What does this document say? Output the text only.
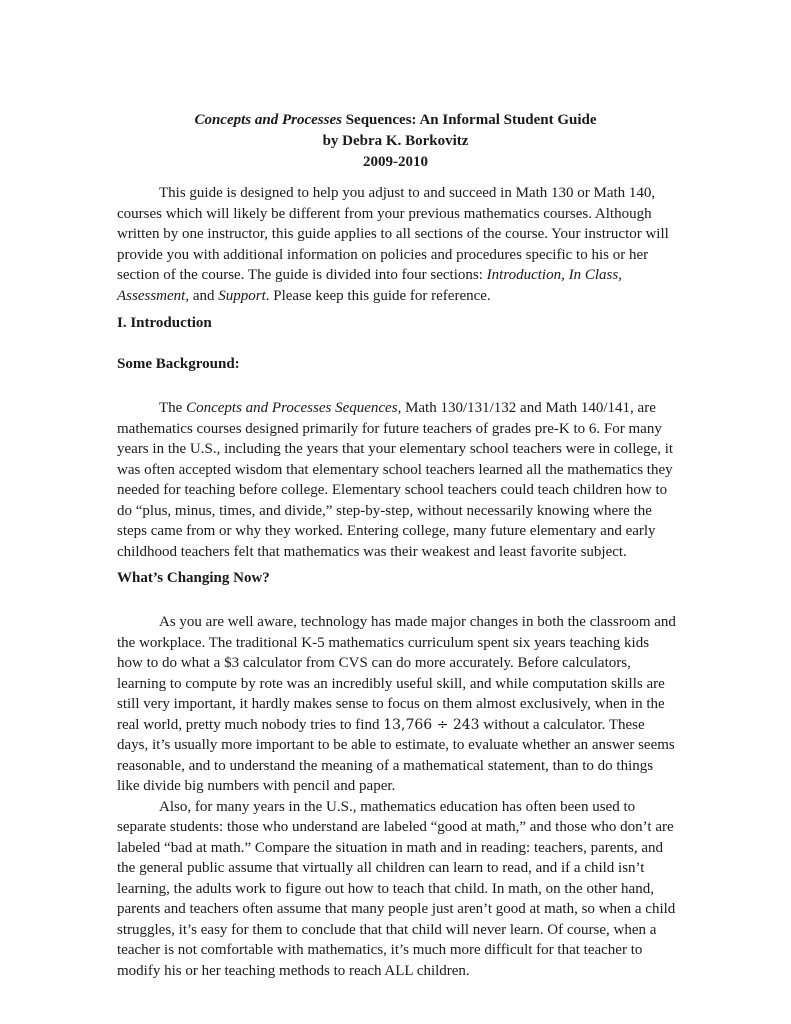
Concepts and Processes Sequences: An Informal Student Guide
by Debra K. Borkovitz
2009-2010

This guide is designed to help you adjust to and succeed in Math 130 or Math 140, courses which will likely be different from your previous mathematics courses. Although written by one instructor, this guide applies to all sections of the course. Your instructor will provide you with additional information on policies and procedures specific to his or her section of the course. The guide is divided into four sections: Introduction, In Class, Assessment, and Support. Please keep this guide for reference.

I. Introduction
Some Background:

The Concepts and Processes Sequences, Math 130/131/132 and Math 140/141, are mathematics courses designed primarily for future teachers of grades pre-K to 6. For many years in the U.S., including the years that your elementary school teachers were in college, it was often accepted wisdom that elementary school teachers learned all the mathematics they needed for teaching before college. Elementary school teachers could teach children how to do “plus, minus, times, and divide,” step-by-step, without necessarily knowing where the steps came from or why they worked. Entering college, many future elementary and early childhood teachers felt that mathematics was their weakest and least favorite subject.

What’s Changing Now?

As you are well aware, technology has made major changes in both the classroom and the workplace. The traditional K-5 mathematics curriculum spent six years teaching kids how to do what a $3 calculator from CVS can do more accurately. Before calculators, learning to compute by rote was an incredibly useful skill, and while computation skills are still very important, it hardly makes sense to focus on them almost exclusively, when in the real world, pretty much nobody tries to find 13,766 ÷ 243 without a calculator. These days, it’s usually more important to be able to estimate, to evaluate whether an answer seems reasonable, and to understand the meaning of a mathematical statement, than to do things like divide big numbers with pencil and paper.

Also, for many years in the U.S., mathematics education has often been used to separate students: those who understand are labeled “good at math,” and those who don’t are labeled “bad at math.” Compare the situation in math and in reading: teachers, parents, and the general public assume that virtually all children can learn to read, and if a child isn’t learning, the adults work to figure out how to teach that child. In math, on the other hand, parents and teachers often assume that many people just aren’t good at math, so when a child struggles, it’s easy for them to conclude that that child will never learn. Of course, when a teacher is not comfortable with mathematics, it’s much more difficult for that teacher to modify his or her teaching methods to reach ALL children.
